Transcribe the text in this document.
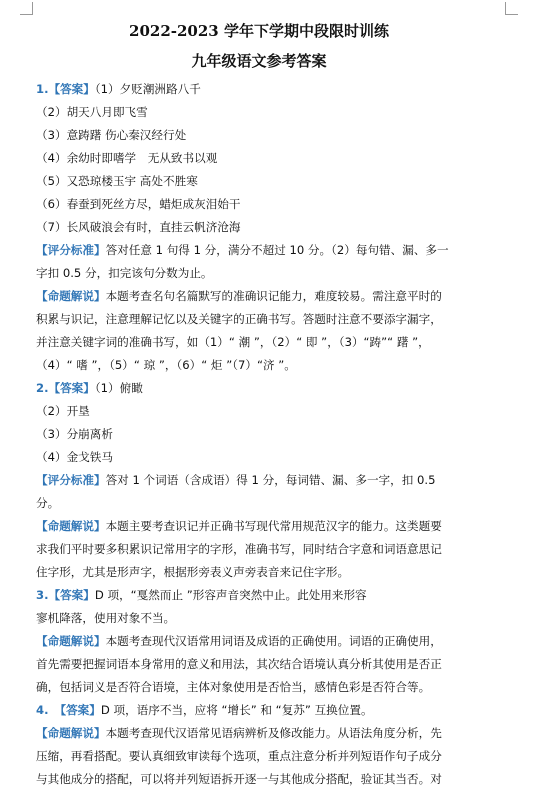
2022-2023 学年下学期中段限时训练
九年级语文参考答案
1.【答案】（1）夕贬潮洲路八千
（2）胡天八月即飞雪
（3）意踌躇 伤心秦汉经行处
（4）余幼时即嗜学　无从致书以观
（5）又恐琼楼玉宇 高处不胜寒
（6）春蚕到死丝方尽，蜡炬成灰泪始干
（7）长风破浪会有时，直挂云帆济沧海
【评分标准】答对任意 1 句得 1 分，满分不超过 10 分。（2）每句错、漏、多一
字扣 0.5 分，扣完该句分数为止。
【命题解说】本题考查名句名篇默写的准确识记能力，难度较易。需注意平时的
积累与识记，注意理解记忆以及关键字的正确书写。答题时注意不要添字漏字，
并注意关键字词的准确书写，如（1）“ 潮 ”，（2）“ 即 ”，（3）“踌”“ 躇 ”，
（4）“ 嗜 ”，（5）“ 琼 ”，（6）“ 炬 ”（7）“济 ”。
2.【答案】（1）俯瞰
（2）开垦
（3）分崩离析
（4）金戈铁马
【评分标准】答对 1 个词语（含成语）得 1 分，每词错、漏、多一字，扣 0.5
分。
【命题解说】本题主要考查识记并正确书写现代常用规范汉字的能力。这类题要
求我们平时要多积累识记常用字的字形，准确书写，同时结合字意和词语意思记
住字形，尤其是形声字，根据形旁表义声旁表音来记住字形。
3.【答案】D 项，“戛然而止 ”形容声音突然中止。此处用来形容
寥机降落，使用对象不当。
【命题解说】本题考查现代汉语常用词语及成语的正确使用。词语的正确使用，
首先需要把握词语本身常用的意义和用法，其次结合语境认真分析其使用是否正
确，包括词义是否符合语境，主体对象使用是否恰当，感情色彩是否符合等。
4. 【答案】D 项，语序不当，应将 “增长” 和 “复苏” 互换位置。
【命题解说】本题考查现代汉语常见语病辨析及修改能力。从语法角度分析，先
压缩，再看搭配。要认真细致审读每个选项，重点注意分析并列短语作句子成分
与其他成分的搭配，可以将并列短语拆开逐一与其他成分搭配，验证其当否。对
